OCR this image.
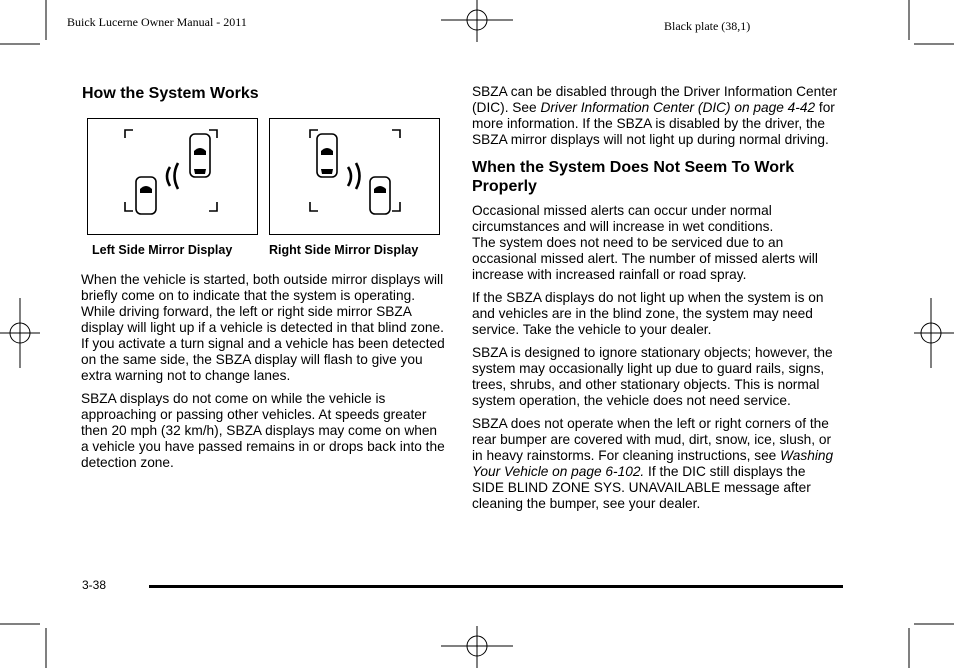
Buick Lucerne Owner Manual - 2011	Black plate (38,1)
How the System Works
Left Side Mirror Display	Right Side Mirror Display

When the vehicle is started, both outside mirror displays will briefly come on to indicate that the system is operating. While driving forward, the left or right side mirror SBZA display will light up if a vehicle is detected in that blind zone. If you activate a turn signal and a vehicle has been detected on the same side, the SBZA display will flash to give you extra warning not to change lanes.

SBZA displays do not come on while the vehicle is approaching or passing other vehicles. At speeds greater then 20 mph (32 km/h), SBZA displays may come on when a vehicle you have passed remains in or drops back into the detection zone.

SBZA can be disabled through the Driver Information Center (DIC). See Driver Information Center (DIC) on page 4-42 for more information. If the SBZA is disabled by the driver, the SBZA mirror displays will not light up during normal driving.

When the System Does Not Seem To Work Properly

Occasional missed alerts can occur under normal circumstances and will increase in wet conditions.

The system does not need to be serviced due to an occasional missed alert. The number of missed alerts will increase with increased rainfall or road spray.

If the SBZA displays do not light up when the system is on and vehicles are in the blind zone, the system may need service. Take the vehicle to your dealer.

SBZA is designed to ignore stationary objects; however, the system may occasionally light up due to guard rails, signs, trees, shrubs, and other stationary objects. This is normal system operation, the vehicle does not need service.

SBZA does not operate when the left or right corners of the rear bumper are covered with mud, dirt, snow, ice, slush, or in heavy rainstorms. For cleaning instructions, see Washing Your Vehicle on page 6-102. If the DIC still displays the SIDE BLIND ZONE SYS. UNAVAILABLE message after cleaning the bumper, see your dealer.

3-38
